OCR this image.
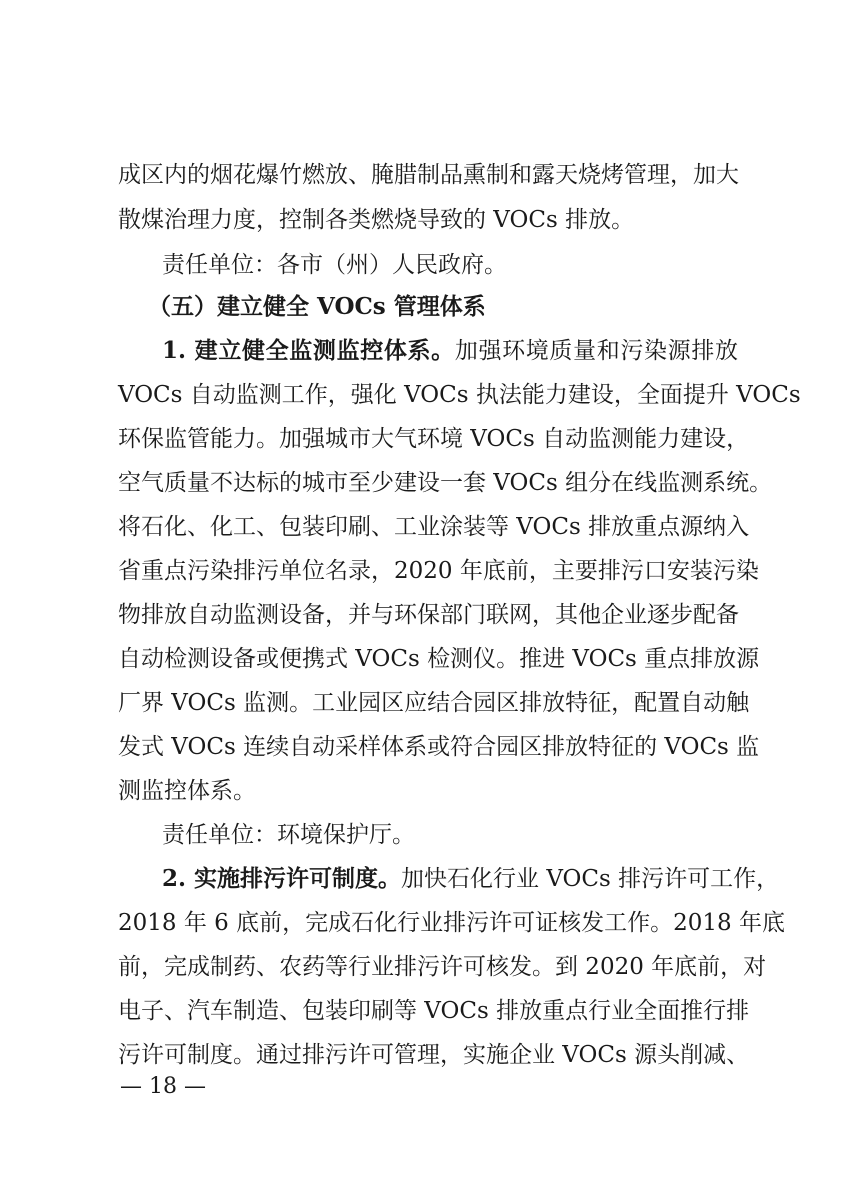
成区内的烟花爆竹燃放、腌腊制品熏制和露天烧烤管理，加大
散煤治理力度，控制各类燃烧导致的 VOCs 排放。
责任单位：各市（州）人民政府。
（五）建立健全 VOCs 管理体系
1. 建立健全监测监控体系。加强环境质量和污染源排放
VOCs 自动监测工作，强化 VOCs 执法能力建设，全面提升 VOCs
环保监管能力。加强城市大气环境 VOCs 自动监测能力建设，
空气质量不达标的城市至少建设一套 VOCs 组分在线监测系统。
将石化、化工、包装印刷、工业涂装等 VOCs 排放重点源纳入
省重点污染排污单位名录，2020 年底前，主要排污口安装污染
物排放自动监测设备，并与环保部门联网，其他企业逐步配备
自动检测设备或便携式 VOCs 检测仪。推进 VOCs 重点排放源
厂界 VOCs 监测。工业园区应结合园区排放特征，配置自动触
发式 VOCs 连续自动采样体系或符合园区排放特征的 VOCs 监
测监控体系。
责任单位：环境保护厅。
2. 实施排污许可制度。加快石化行业 VOCs 排污许可工作，
2018 年 6 底前，完成石化行业排污许可证核发工作。2018 年底
前，完成制药、农药等行业排污许可核发。到 2020 年底前，对
电子、汽车制造、包装印刷等 VOCs 排放重点行业全面推行排
污许可制度。通过排污许可管理，实施企业 VOCs 源头削减、
— 18 —
